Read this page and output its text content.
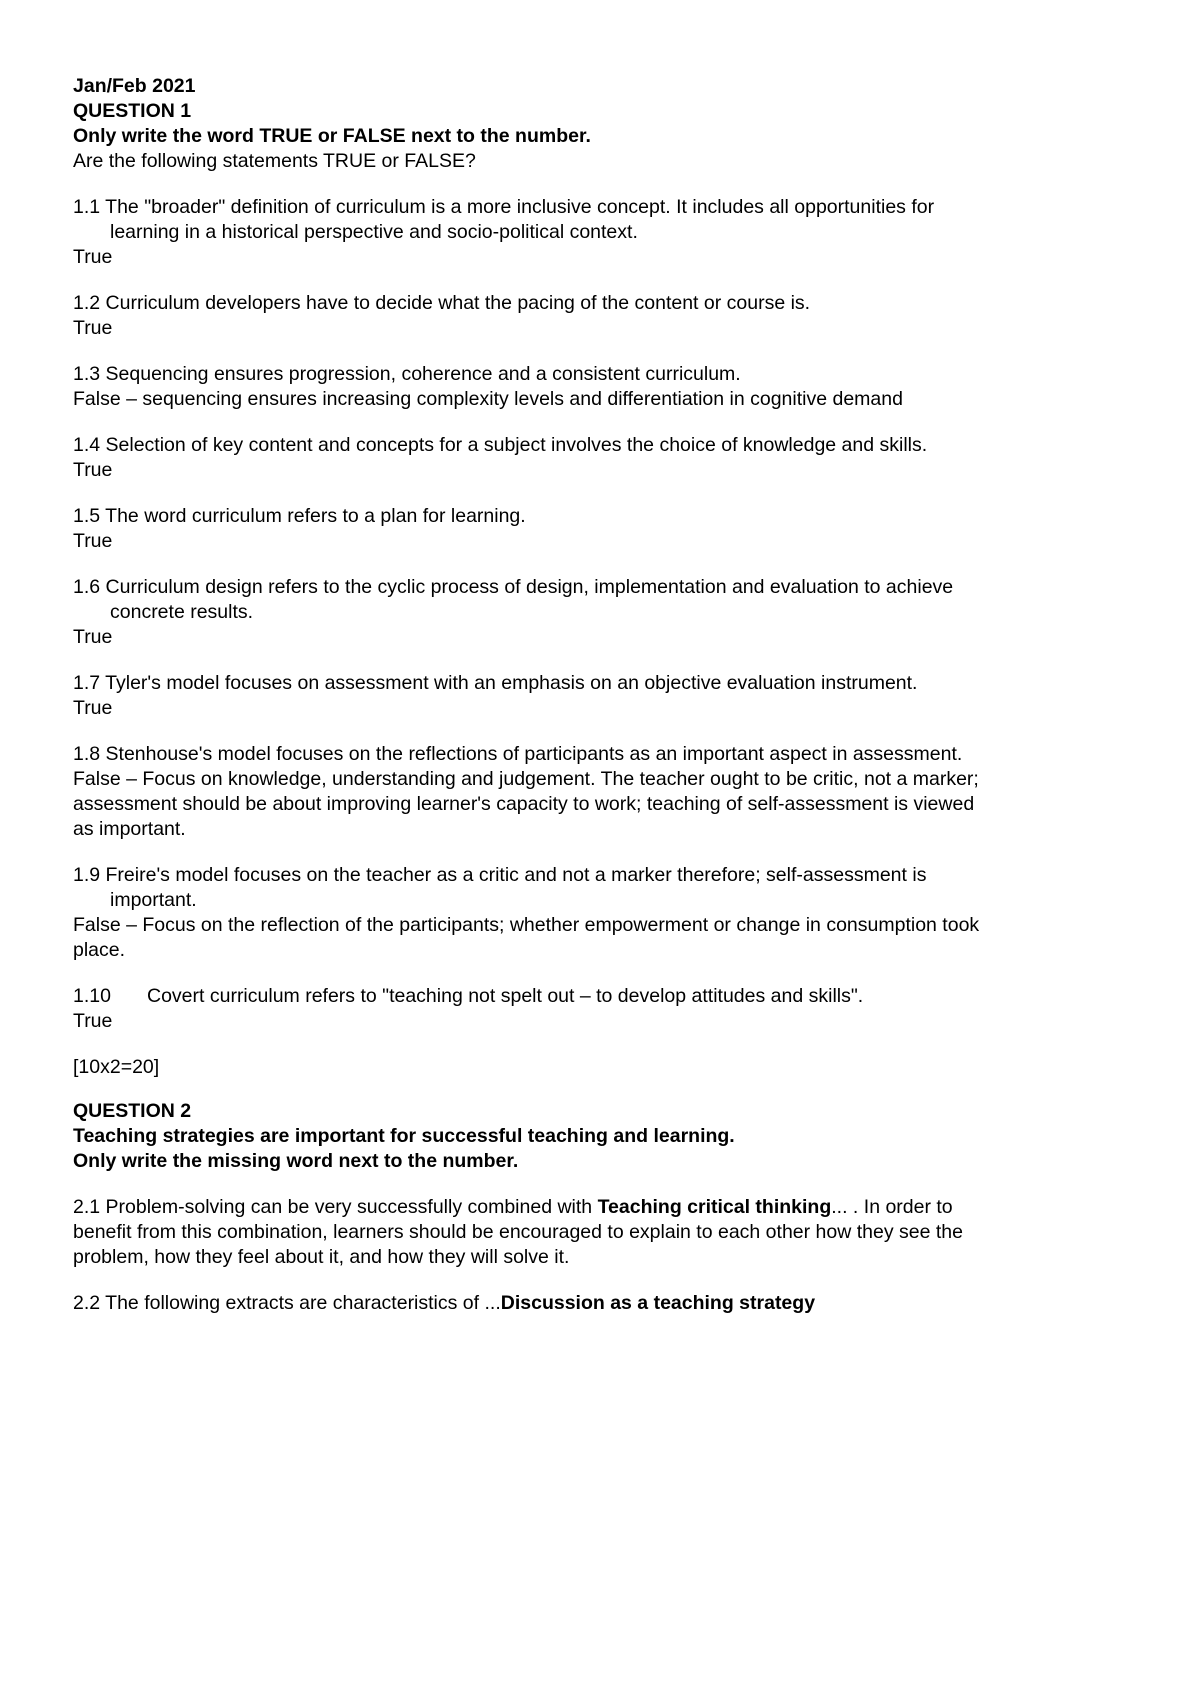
Jan/Feb 2021
QUESTION 1
Only write the word TRUE or FALSE next to the number.
Are the following statements TRUE or FALSE?
1.1 The "broader" definition of curriculum is a more inclusive concept. It includes all opportunities for
learning in a historical perspective and socio-political context.
True
1.2 Curriculum developers have to decide what the pacing of the content or course is.
True
1.3 Sequencing ensures progression, coherence and a consistent curriculum.
False – sequencing ensures increasing complexity levels and differentiation in cognitive demand
1.4 Selection of key content and concepts for a subject involves the choice of knowledge and skills.
True
1.5 The word curriculum refers to a plan for learning.
True
1.6 Curriculum design refers to the cyclic process of design, implementation and evaluation to achieve
concrete results.
True
1.7 Tyler's model focuses on assessment with an emphasis on an objective evaluation instrument.
True
1.8 Stenhouse's model focuses on the reflections of participants as an important aspect in assessment.
False – Focus on knowledge, understanding and judgement. The teacher ought to be critic, not a marker;
assessment should be about improving learner's capacity to work; teaching of self-assessment is viewed
as important.
1.9 Freire's model focuses on the teacher as a critic and not a marker therefore; self-assessment is
important.
False – Focus on the reflection of the participants; whether empowerment or change in consumption took
place.
1.10 Covert curriculum refers to "teaching not spelt out – to develop attitudes and skills".
True
[10x2=20]
QUESTION 2
Teaching strategies are important for successful teaching and learning.
Only write the missing word next to the number.
2.1 Problem-solving can be very successfully combined with Teaching critical thinking... . In order to
benefit from this combination, learners should be encouraged to explain to each other how they see the
problem, how they feel about it, and how they will solve it.
2.2 The following extracts are characteristics of ...Discussion as a teaching strategy
